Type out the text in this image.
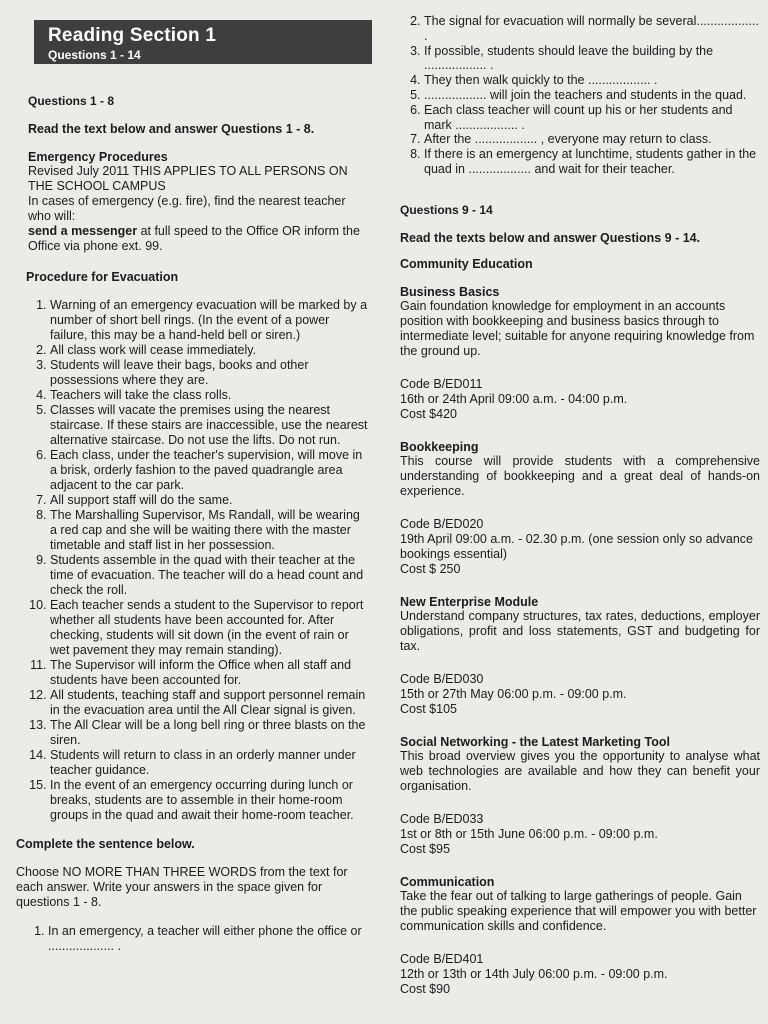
Reading Section 1
Questions 1 - 14

Questions 1 - 8

Read the text below and answer Questions 1 - 8.

Emergency Procedures

Revised July 2011 THIS APPLIES TO ALL PERSONS ON THE SCHOOL CAMPUS

In cases of emergency (e.g. fire), find the nearest teacher who will:

send a messenger at full speed to the Office OR inform the Office via phone ext. 99.

Procedure for Evacuation

1. Warning of an emergency evacuation will be marked by a number of short bell rings. (In the event of a power failure, this may be a hand-held bell or siren.)
2. All class work will cease immediately.
3. Students will leave their bags, books and other possessions where they are.
4. Teachers will take the class rolls.
5. Classes will vacate the premises using the nearest staircase. If these stairs are inaccessible, use the nearest alternative staircase. Do not use the lifts. Do not run.
6. Each class, under the teacher's supervision, will move in a brisk, orderly fashion to the paved quadrangle area adjacent to the car park.
7. All support staff will do the same.
8. The Marshalling Supervisor, Ms Randall, will be wearing a red cap and she will be waiting there with the master timetable and staff list in her possession.
9. Students assemble in the quad with their teacher at the time of evacuation. The teacher will do a head count and check the roll.
10. Each teacher sends a student to the Supervisor to report whether all students have been accounted for. After checking, students will sit down (in the event of rain or wet pavement they may remain standing).
11. The Supervisor will inform the Office when all staff and students have been accounted for.
12. All students, teaching staff and support personnel remain in the evacuation area until the All Clear signal is given.
13. The All Clear will be a long bell ring or three blasts on the siren.
14. Students will return to class in an orderly manner under teacher guidance.
15. In the event of an emergency occurring during lunch or breaks, students are to assemble in their home-room groups in the quad and await their home-room teacher.

Complete the sentence below.

Choose NO MORE THAN THREE WORDS from the text for each answer. Write your answers in the space given for questions 1 - 8.

1. In an emergency, a teacher will either phone the office or ................... .
2. The signal for evacuation will normally be several.................. .
3. If possible, students should leave the building by the .................. .
4. They then walk quickly to the .................. .
5. .................. will join the teachers and students in the quad.
6. Each class teacher will count up his or her students and mark .................. .
7. After the .................. , everyone may return to class.
8. If there is an emergency at lunchtime, students gather in the quad in .................. and wait for their teacher.

Questions 9 - 14

Read the texts below and answer Questions 9 - 14.

Community Education

Business Basics

Gain foundation knowledge for employment in an accounts position with bookkeeping and business basics through to intermediate level; suitable for anyone requiring knowledge from the ground up.

Code B/ED011

16th or 24th April 09:00 a.m. - 04:00 p.m.

Cost $420

Bookkeeping

This course will provide students with a comprehensive understanding of bookkeeping and a great deal of hands-on experience.

Code B/ED020

19th April 09:00 a.m. - 02.30 p.m. (one session only so advance bookings essential)

Cost $ 250

New Enterprise Module

Understand company structures, tax rates, deductions, employer obligations, profit and loss statements, GST and budgeting for tax.

Code B/ED030

15th or 27th May 06:00 p.m. - 09:00 p.m.

Cost $105

Social Networking - the Latest Marketing Tool

This broad overview gives you the opportunity to analyse what web technologies are available and how they can benefit your organisation.

Code B/ED033

1st or 8th or 15th June 06:00 p.m. - 09:00 p.m.

Cost $95

Communication

Take the fear out of talking to large gatherings of people. Gain the public speaking experience that will empower you with better communication skills and confidence.

Code B/ED401

12th or 13th or 14th July 06:00 p.m. - 09:00 p.m.

Cost $90
